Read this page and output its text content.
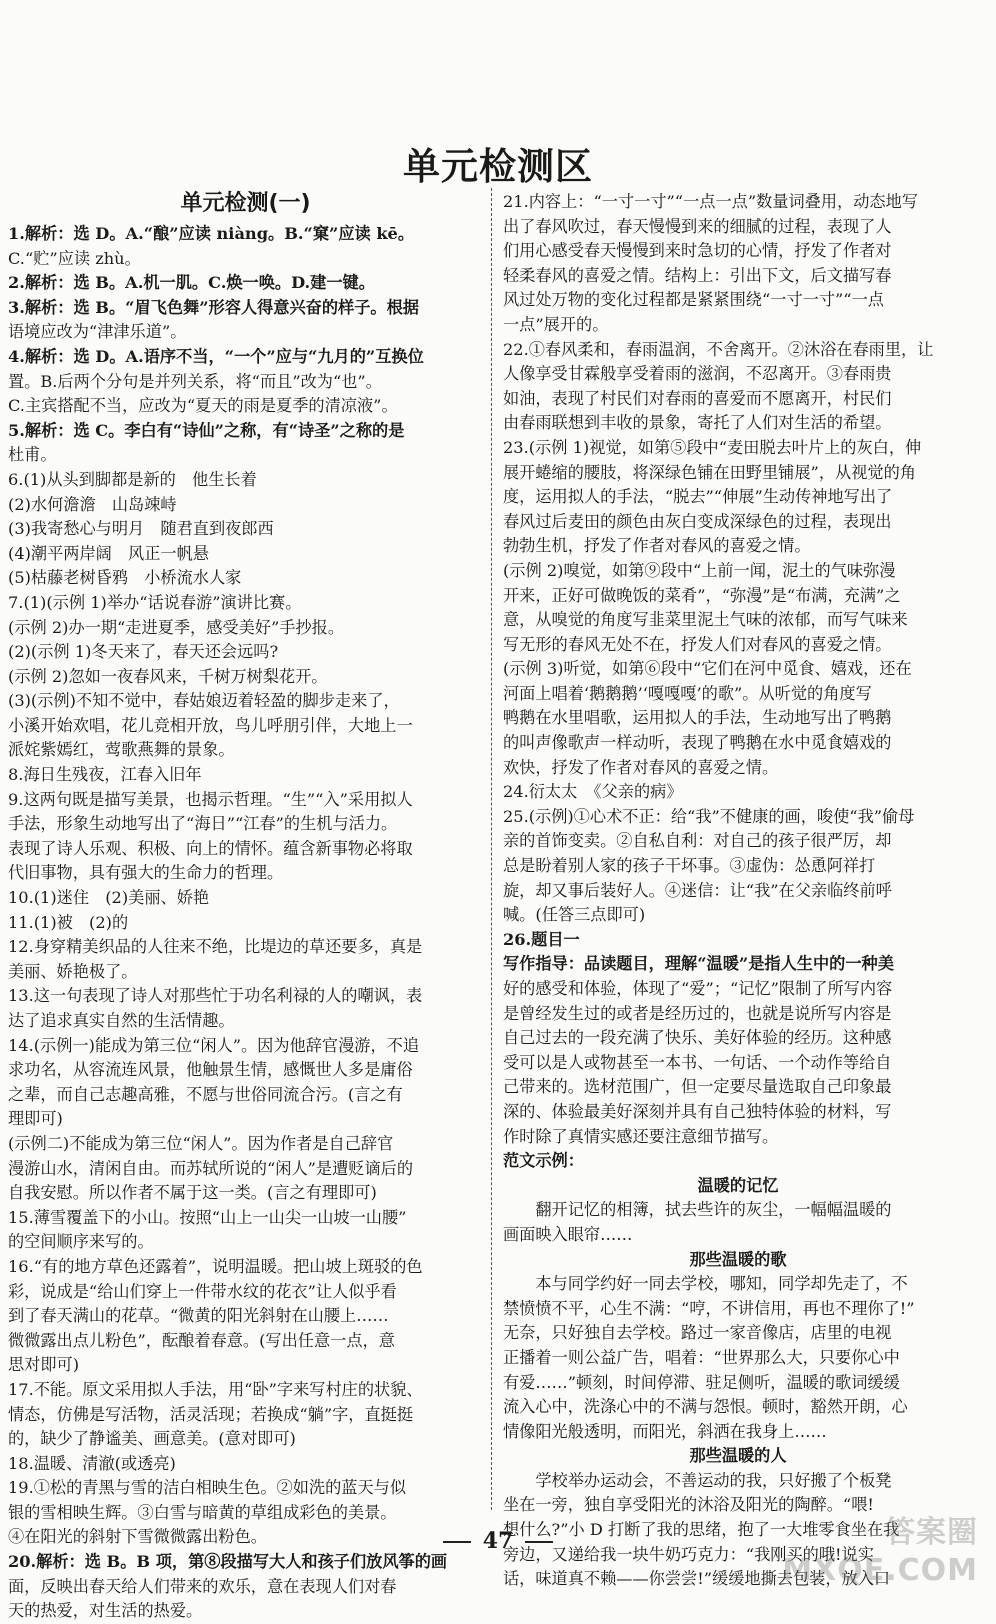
单元检测区
单元检测(一)
1.解析：选 D。A.“酿”应读 niàng。B.“窠”应读 kē。
C.“贮”应读 zhù。
2.解析：选 B。A.机一肌。C.焕一唤。D.建一键。
3.解析：选 B。“眉飞色舞”形容人得意兴奋的样子。根据
语境应改为“津津乐道”。
4.解析：选 D。A.语序不当，“一个”应与“九月的”互换位
置。B.后两个分句是并列关系，将“而且”改为“也”。
C.主宾搭配不当，应改为“夏天的雨是夏季的清凉液”。
5.解析：选 C。李白有“诗仙”之称，有“诗圣”之称的是
杜甫。
6.(1)从头到脚都是新的　他生长着
(2)水何澹澹　山岛竦峙
(3)我寄愁心与明月　随君直到夜郎西
(4)潮平两岸阔　风正一帆悬
(5)枯藤老树昏鸦　小桥流水人家
7.(1)(示例 1)举办“话说春游”演讲比赛。
(示例 2)办一期“走进夏季，感受美好”手抄报。
(2)(示例 1)冬天来了，春天还会远吗?
(示例 2)忽如一夜春风来，千树万树梨花开。
(3)(示例)不知不觉中，春姑娘迈着轻盈的脚步走来了，
小溪开始欢唱，花儿竞相开放，鸟儿呼朋引伴，大地上一
派姹紫嫣红，莺歌燕舞的景象。
8.海日生残夜，江春入旧年
9.这两句既是描写美景，也揭示哲理。“生”“入”采用拟人
手法，形象生动地写出了“海日”“江春”的生机与活力。
表现了诗人乐观、积极、向上的情怀。蕴含新事物必将取
代旧事物，具有强大的生命力的哲理。
10.(1)迷住　(2)美丽、娇艳
11.(1)被　(2)的
12.身穿精美织品的人往来不绝，比堤边的草还要多，真是
美丽、娇艳极了。
13.这一句表现了诗人对那些忙于功名利禄的人的嘲讽，表
达了追求真实自然的生活情趣。
14.(示例一)能成为第三位“闲人”。因为他辞官漫游，不追
求功名，从容流连风景，他触景生情，感慨世人多是庸俗
之辈，而自己志趣高雅，不愿与世俗同流合污。(言之有
理即可)
(示例二)不能成为第三位“闲人”。因为作者是自己辞官
漫游山水，清闲自由。而苏轼所说的“闲人”是遭贬谪后的
自我安慰。所以作者不属于这一类。(言之有理即可)
15.薄雪覆盖下的小山。按照“山上一山尖一山坡一山腰”
的空间顺序来写的。
16.“有的地方草色还露着”，说明温暖。把山坡上斑驳的色
彩，说成是“给山们穿上一件带水纹的花衣”让人似乎看
到了春天满山的花草。“微黄的阳光斜射在山腰上……
微微露出点儿粉色”，酝酿着春意。(写出任意一点，意
思对即可)
17.不能。原文采用拟人手法，用“卧”字来写村庄的状貌、
情态，仿佛是写活物，活灵活现；若换成“躺”字，直挺挺
的，缺少了静谧美、画意美。(意对即可)
18.温暖、清澈(或透亮)
19.①松的青黑与雪的洁白相映生色。②如洗的蓝天与似
银的雪相映生辉。③白雪与暗黄的草组成彩色的美景。
④在阳光的斜射下雪微微露出粉色。
20.解析：选 B。B 项，第⑧段描写大人和孩子们放风筝的画
面，反映出春天给人们带来的欢乐，意在表现人们对春
天的热爱，对生活的热爱。
21.内容上：“一寸一寸”“一点一点”数量词叠用，动态地写
出了春风吹过，春天慢慢到来的细腻的过程，表现了人
们用心感受春天慢慢到来时急切的心情，抒发了作者对
轻柔春风的喜爱之情。结构上：引出下文，后文描写春
风过处万物的变化过程都是紧紧围绕“一寸一寸”“一点
一点”展开的。
22.①春风柔和，春雨温润，不舍离开。②沐浴在春雨里，让
人像享受甘霖般享受着雨的滋润，不忍离开。③春雨贵
如油，表现了村民们对春雨的喜爱而不愿离开，村民们
由春雨联想到丰收的景象，寄托了人们对生活的希望。
23.(示例 1)视觉，如第⑤段中“麦田脱去叶片上的灰白，伸
展开蜷缩的腰肢，将深绿色铺在田野里铺展”，从视觉的角
度，运用拟人的手法，“脱去”“伸展”生动传神地写出了
春风过后麦田的颜色由灰白变成深绿色的过程，表现出
勃勃生机，抒发了作者对春风的喜爱之情。
(示例 2)嗅觉，如第⑨段中“上前一闻，泥土的气味弥漫
开来，正好可做晚饭的菜肴”，“弥漫”是“布满，充满”之
意，从嗅觉的角度写韭菜里泥土气味的浓郁，而写气味来
写无形的春风无处不在，抒发人们对春风的喜爱之情。
(示例 3)听觉，如第⑥段中“它们在河中觅食、嬉戏，还在
河面上唱着‘鹅鹅鹅’‘嘎嘎嘎’的歌”。从听觉的角度写
鸭鹅在水里唱歌，运用拟人的手法，生动地写出了鸭鹅
的叫声像歌声一样动听，表现了鸭鹅在水中觅食嬉戏的
欢快，抒发了作者对春风的喜爱之情。
24.衍太太　《父亲的病》
25.(示例)①心术不正：给“我”不健康的画，唆使“我”偷母
亲的首饰变卖。②自私自利：对自己的孩子很严厉，却
总是盼着别人家的孩子干坏事。③虚伪：怂恿阿祥打
旋，却又事后装好人。④迷信：让“我”在父亲临终前呼
喊。(任答三点即可)
26.题目一
写作指导：品读题目，理解“温暖”是指人生中的一种美
好的感受和体验，体现了“爱”；“记忆”限制了所写内容
是曾经发生过的或者是经历过的，也就是说所写内容是
自己过去的一段充满了快乐、美好体验的经历。这种感
受可以是人或物甚至一本书、一句话、一个动作等给自
己带来的。选材范围广，但一定要尽量选取自己印象最
深的、体验最美好深刻并具有自己独特体验的材料，写
作时除了真情实感还要注意细节描写。
范文示例：
温暖的记忆
　　翻开记忆的相簿，拭去些许的灰尘，一幅幅温暖的
画面映入眼帘……
那些温暖的歌
　　本与同学约好一同去学校，哪知，同学却先走了，不
禁愤愤不平，心生不满：“哼，不讲信用，再也不理你了!”
无奈，只好独自去学校。路过一家音像店，店里的电视
正播着一则公益广告，唱着：“世界那么大，只要你心中
有爱……”顿刻，时间停滞、驻足侧听，温暖的歌词缓缓
流入心中，洗涤心中的不满与怨恨。顿时，豁然开朗，心
情像阳光般透明，而阳光，斜洒在我身上……
那些温暖的人
　　学校举办运动会，不善运动的我，只好搬了个板凳
坐在一旁，独自享受阳光的沐浴及阳光的陶醉。“喂!
想什么?”小 D 打断了我的思绪，抱了一大堆零食坐在我
旁边，又递给我一块牛奶巧克力：“我刚买的哦!说实
话，味道真不赖——你尝尝!”缓缓地撕去包装，放入口
47	答案圈
MXQE.COM
